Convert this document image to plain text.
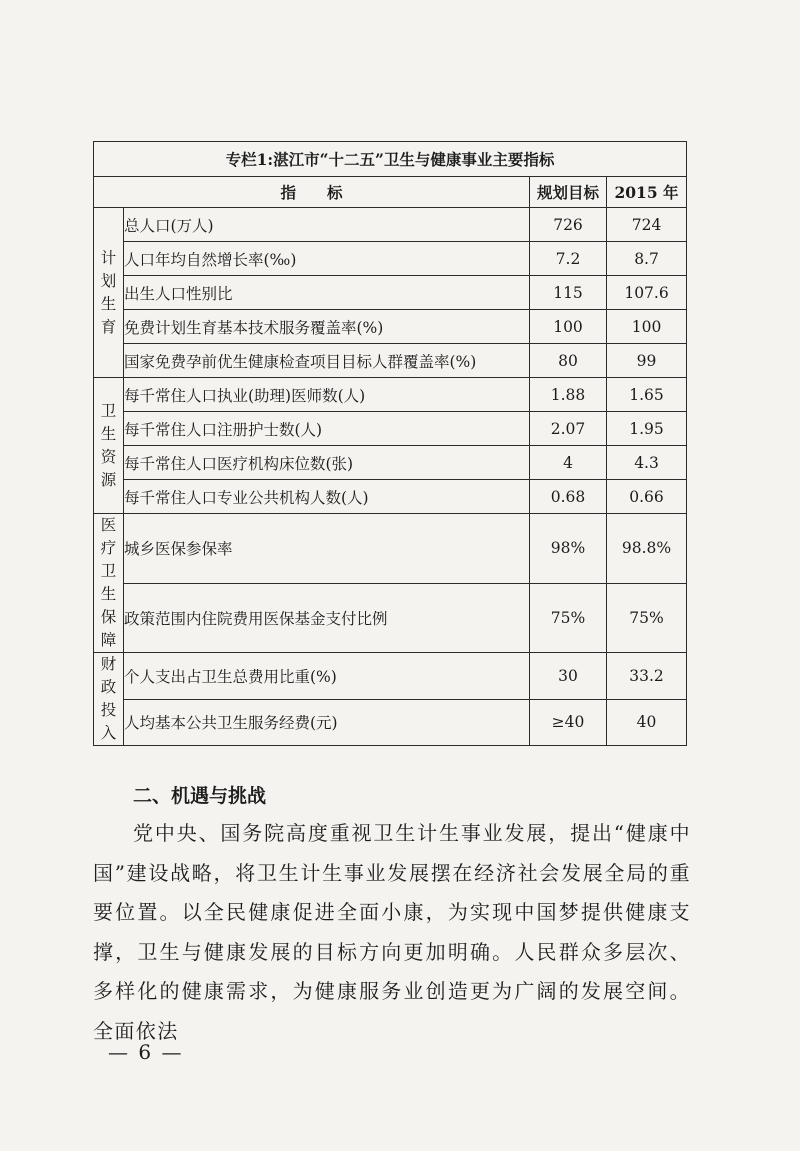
专栏1:湛江市“十二五”卫生与健康事业主要指标			
指　　标		规划目标	2015 年
计划生育	总人口(万人)	726	724
	人口年均自然增长率(‰)	7.2	8.7
	出生人口性别比	115	107.6
	免费计划生育基本技术服务覆盖率(%)	100	100
	国家免费孕前优生健康检查项目目标人群覆盖率(%)	80	99
卫生资源	每千常住人口执业(助理)医师数(人)	1.88	1.65
	每千常住人口注册护士数(人)	2.07	1.95
	每千常住人口医疗机构床位数(张)	4	4.3
	每千常住人口专业公共机构人数(人)	0.68	0.66
医疗卫生保障	城乡医保参保率	98%	98.8%
	政策范围内住院费用医保基金支付比例	75%	75%
财政投入	个人支出占卫生总费用比重(%)	30	33.2
	人均基本公共卫生服务经费(元)	≥40	40
二、机遇与挑战

党中央、国务院高度重视卫生计生事业发展，提出“健康中国”建设战略，将卫生计生事业发展摆在经济社会发展全局的重要位置。以全民健康促进全面小康，为实现中国梦提供健康支撑，卫生与健康发展的目标方向更加明确。人民群众多层次、多样化的健康需求，为健康服务业创造更为广阔的发展空间。全面依法

— 6 —
